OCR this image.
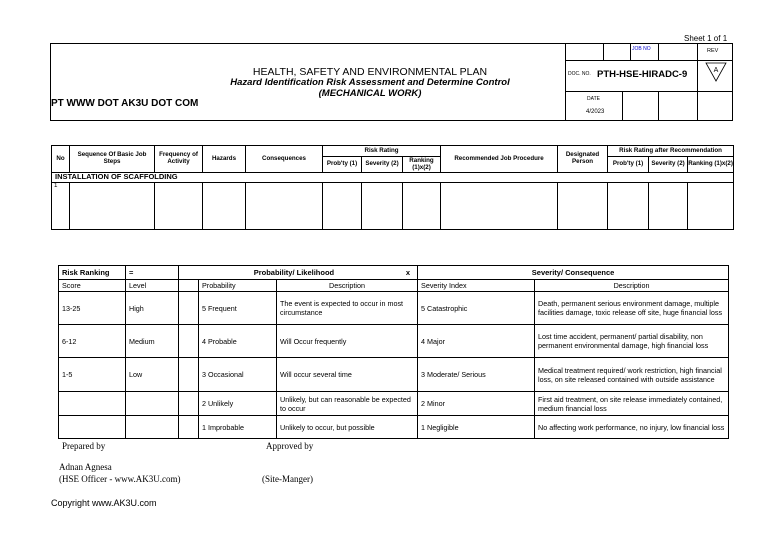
Sheet 1 of 1
HEALTH, SAFETY AND ENVIRONMENTAL PLAN
Hazard Identification Risk Assessment and Determine Control
(MECHANICAL WORK)
PT WWW DOT AK3U DOT COM
JOB NO	REV
A
DOC. NO. PTH-HSE-HIRADC-9
DATE
4/2023
No	Sequence Of Basic Job Steps	Frequency of Activity	Hazards	Consequences	Risk Rating			Recommended Job Procedure	Designated Person	Risk Rating after Recommendation		
					Prob'ty (1)	Severity (2)	Ranking (1)x(2)			Prob'ty (1)	Severity (2)	Ranking (1)x(2)
INSTALLATION OF SCAFFOLDING												
1												
Risk Ranking	=	Probability/ Likelihood x			Severity/ Consequence	
Score	Level		Probability	Description	Severity Index	Description
13-25	High		5 Frequent	The event is expected to occur in most circumstance	5 Catastrophic	Death, permanent serious environment damage, multiple facilities damage, toxic release off site, huge financial loss
6-12	Medium		4 Probable	Will Occur frequently	4 Major	Lost time accident, permanent/ partial disability, non permanent environmental damage, high financial loss
1-5	Low		3 Occasional	Will occur several time	3 Moderate/ Serious	Medical treatment required/ work restriction, high financial loss, on site released contained with outside assistance
			2 Unlikely	Unlikely, but can reasonable be expected to occur	2 Minor	First aid treatment, on site release immediately contained, medium financial loss
			1 Improbable	Unlikely to occur, but possible	1 Negligible	No affecting work performance, no injury, low financial loss
Prepared by	Approved by
Adnan Agnesa
(HSE Officer - www.AK3U.com)	(Site-Manger)
Copyright www.AK3U.com
